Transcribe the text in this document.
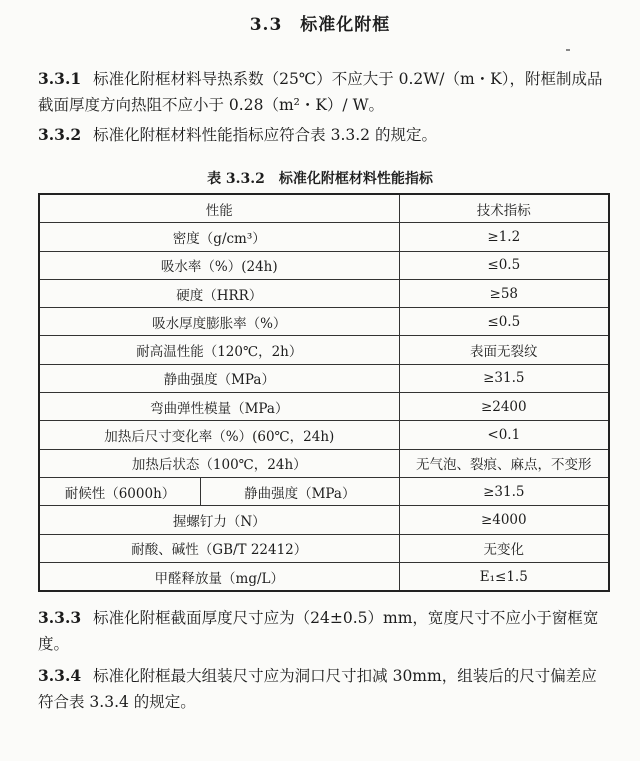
3.3　标准化附框
3.3.1 标准化附框材料导热系数（25℃）不应大于 0.2W/（m・K），附框制成品截面厚度方向热阻不应小于 0.28（m²・K）/ W。
3.3.2 标准化附框材料性能指标应符合表 3.3.2 的规定。
表 3.3.2　标准化附框材料性能指标
性能		技术指标
密度（g/cm³）		≥1.2
吸水率（%）(24h)		≤0.5
硬度（HRR）		≥58
吸水厚度膨胀率（%）		≤0.5
耐高温性能（120℃，2h）		表面无裂纹
静曲强度（MPa）		≥31.5
弯曲弹性模量（MPa）		≥2400
加热后尺寸变化率（%）(60℃，24h)		<0.1
加热后状态（100℃，24h）		无气泡、裂痕、麻点，不变形
耐候性（6000h）	静曲强度（MPa）	≥31.5
握螺钉力（N）		≥4000
耐酸、碱性（GB/T 22412）		无变化
甲醛释放量（mg/L）		E₁≤1.5
3.3.3 标准化附框截面厚度尺寸应为（24±0.5）mm，宽度尺寸不应小于窗框宽度。
3.3.4 标准化附框最大组装尺寸应为洞口尺寸扣减 30mm，组装后的尺寸偏差应符合表 3.3.4 的规定。
